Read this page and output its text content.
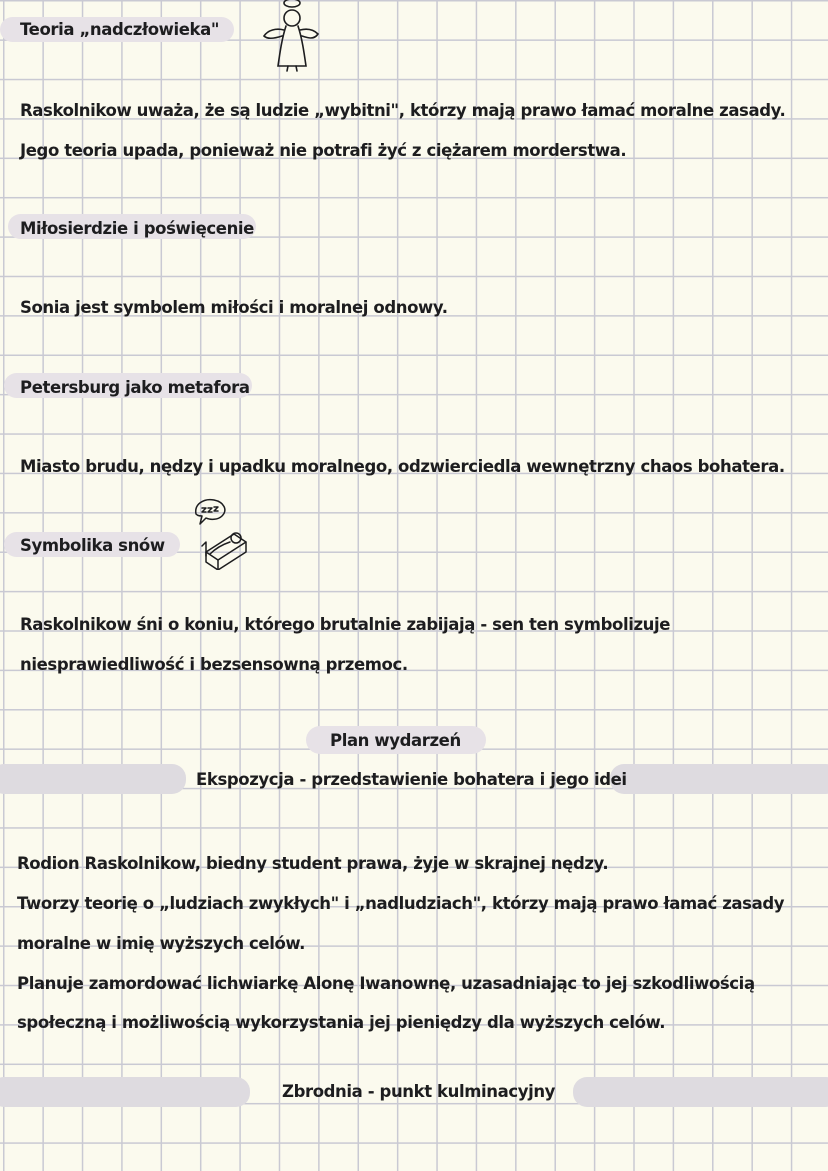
Teoria „nadczłowieka"
Raskolnikow uważa, że są ludzie „wybitni", którzy mają prawo łamać moralne zasady.
Jego teoria upada, ponieważ nie potrafi żyć z ciężarem morderstwa.
Miłosierdzie i poświęcenie
Sonia jest symbolem miłości i moralnej odnowy.
Petersburg jako metafora
Miasto brudu, nędzy i upadku moralnego, odzwierciedla wewnętrzny chaos bohatera.
Symbolika snów
Raskolnikow śni o koniu, którego brutalnie zabijają - sen ten symbolizuje
niesprawiedliwość i bezsensowną przemoc.
Plan wydarzeń
Ekspozycja - przedstawienie bohatera i jego idei
Rodion Raskolnikow, biedny student prawa, żyje w skrajnej nędzy.
Tworzy teorię o „ludziach zwykłych" i „nadludziach", którzy mają prawo łamać zasady
moralne w imię wyższych celów.
Planuje zamordować lichwiarkę Alonę Iwanownę, uzasadniając to jej szkodliwością
społeczną i możliwością wykorzystania jej pieniędzy dla wyższych celów.
Zbrodnia - punkt kulminacyjny
